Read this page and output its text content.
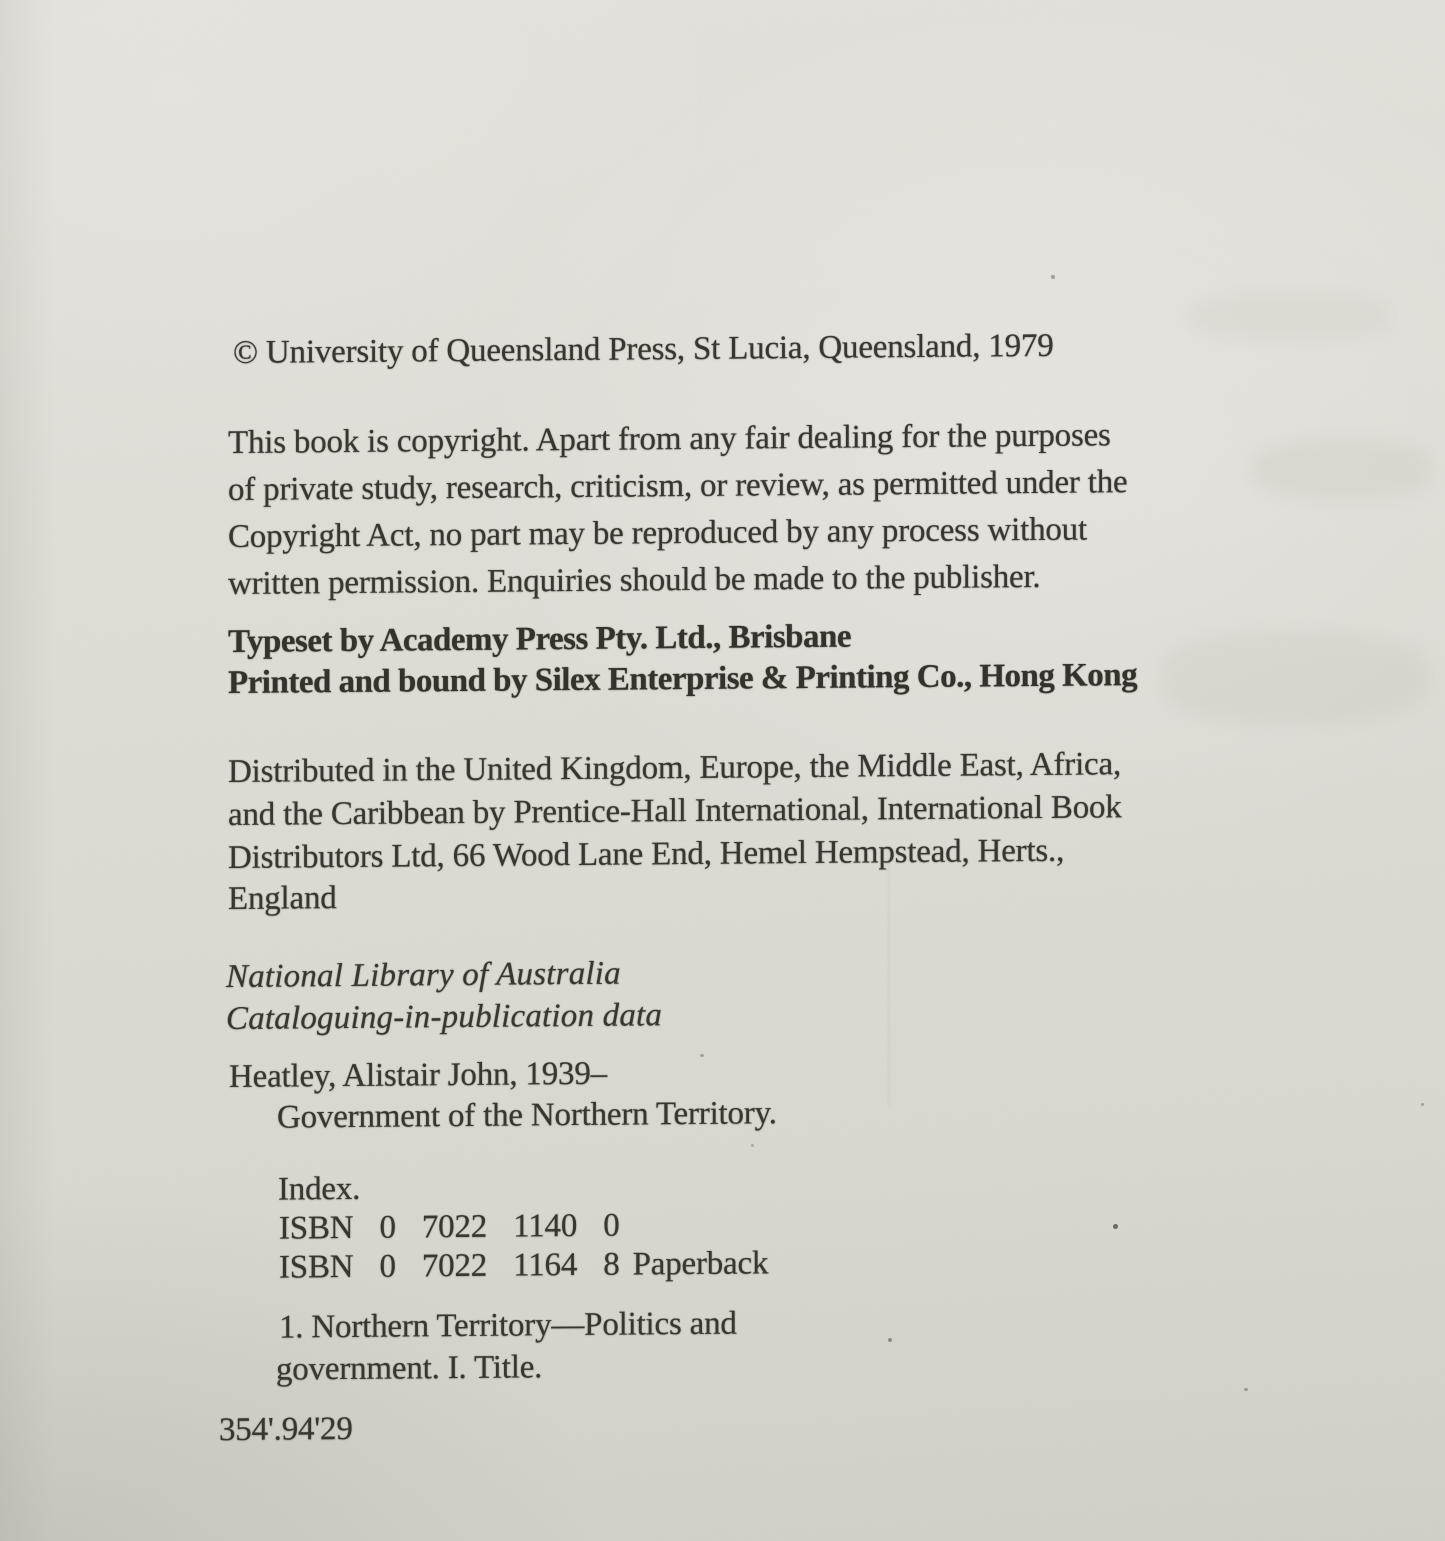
© University of Queensland Press, St Lucia, Queensland, 1979
This book is copyright. Apart from any fair dealing for the purposes
of private study, research, criticism, or review, as permitted under the
Copyright Act, no part may be reproduced by any process without
written permission. Enquiries should be made to the publisher.
Typeset by Academy Press Pty. Ltd., Brisbane
Printed and bound by Silex Enterprise & Printing Co., Hong Kong
Distributed in the United Kingdom, Europe, the Middle East, Africa,
and the Caribbean by Prentice-Hall International, International Book
Distributors Ltd, 66 Wood Lane End, Hemel Hempstead, Herts.,
England
National Library of Australia
Cataloguing-in-publication data
Heatley, Alistair John, 1939–
Government of the Northern Territory.
Index.
ISBN  0  7022  1140  0
ISBN  0  7022  1164  8 Paperback
1. Northern Territory—Politics and
government. I. Title.
354'.94'29
